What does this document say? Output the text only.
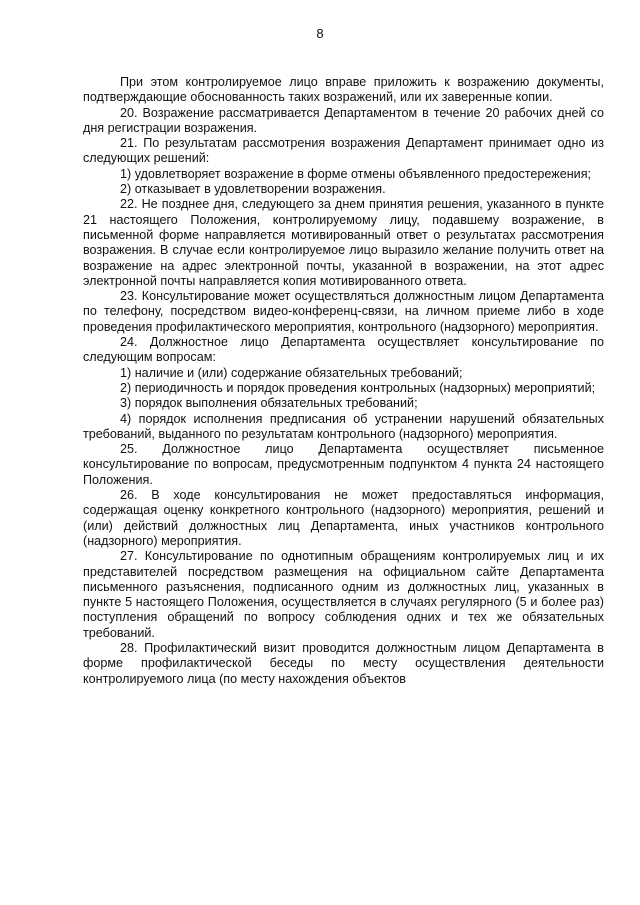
8

При этом контролируемое лицо вправе приложить к возражению документы, подтверждающие обоснованность таких возражений, или их заверенные копии.

20. Возражение рассматривается Департаментом в течение 20 рабочих дней со дня регистрации возражения.

21. По результатам рассмотрения возражения Департамент принимает одно из следующих решений:

1) удовлетворяет возражение в форме отмены объявленного предостережения;

2) отказывает в удовлетворении возражения.

22. Не позднее дня, следующего за днем принятия решения, указанного в пункте 21 настоящего Положения, контролируемому лицу, подавшему возражение, в письменной форме направляется мотивированный ответ о результатах рассмотрения возражения. В случае если контролируемое лицо выразило желание получить ответ на возражение на адрес электронной почты, указанной в возражении, на этот адрес электронной почты направляется копия мотивированного ответа.

23. Консультирование может осуществляться должностным лицом Департамента по телефону, посредством видео-конференц-связи, на личном приеме либо в ходе проведения профилактического мероприятия, контрольного (надзорного) мероприятия.

24. Должностное лицо Департамента осуществляет консультирование по следующим вопросам:

1) наличие и (или) содержание обязательных требований;

2) периодичность и порядок проведения контрольных (надзорных) мероприятий;

3) порядок выполнения обязательных требований;

4) порядок исполнения предписания об устранении нарушений обязательных требований, выданного по результатам контрольного (надзорного) мероприятия.

25. Должностное лицо Департамента осуществляет письменное консультирование по вопросам, предусмотренным подпунктом 4 пункта 24 настоящего Положения.

26. В ходе консультирования не может предоставляться информация, содержащая оценку конкретного контрольного (надзорного) мероприятия, решений и (или) действий должностных лиц Департамента, иных участников контрольного (надзорного) мероприятия.

27. Консультирование по однотипным обращениям контролируемых лиц и их представителей посредством размещения на официальном сайте Департамента письменного разъяснения, подписанного одним из должностных лиц, указанных в пункте 5 настоящего Положения, осуществляется в случаях регулярного (5 и более раз) поступления обращений по вопросу соблюдения одних и тех же обязательных требований.

28. Профилактический визит проводится должностным лицом Департамента в форме профилактической беседы по месту осуществления деятельности контролируемого лица (по месту нахождения объектов
